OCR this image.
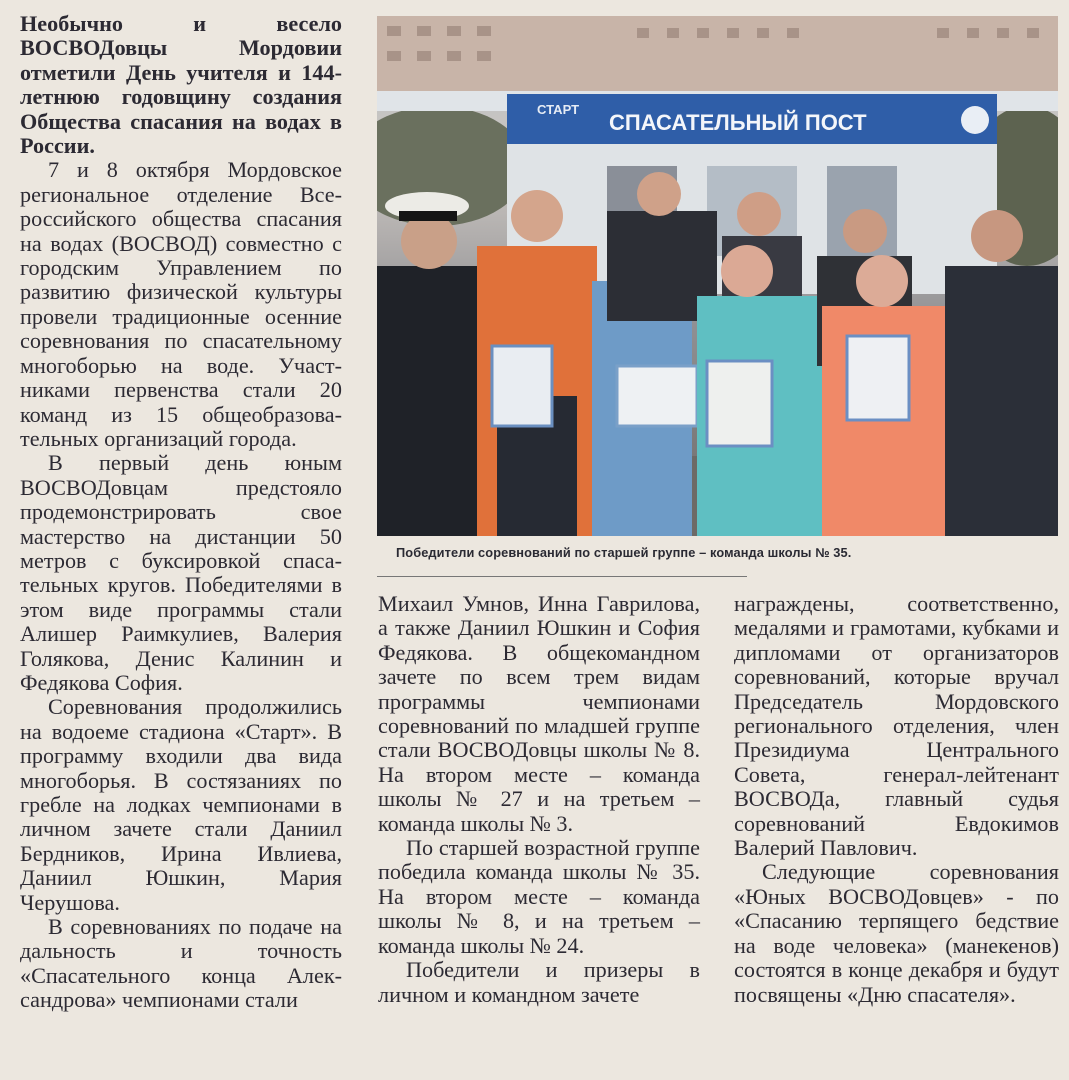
Необычно и весело ВОСВОДовцы Мордовии отметили День учителя и 144-летнюю годовщину создания Общества спасания на водах в России.

7 и 8 октября Мордовское региональное отделение Всероссийского общества спасания на водах (ВОСВОД) совместно с городским Управлением по развитию физической культуры провели традиционные осенние соревнования по спасательному многоборью на воде. Участниками первенства стали 20 команд из 15 общеобразовательных организаций города.

В первый день юным ВОСВОДовцам предстояло продемонстрировать свое мастерство на дистанции 50 метров с буксировкой спасательных кругов. Победителями в этом виде программы стали Алишер Раимкулиев, Валерия Голякова, Денис Калинин и Федякова София.

Соревнования продолжились на водоеме стадиона «Старт». В программу входили два вида многоборья. В состязаниях по гребле на лодках чемпионами в личном зачете стали Даниил Бердников, Ирина Ивлиева, Даниил Юшкин, Мария Черушова.

В соревнованиях по подаче на дальность и точность «Спасательного конца Александрова» чемпионами стали

СТАРТ
СПАСАТЕЛЬНЫЙ ПОСТ
Победители соревнований по старшей группе – команда школы № 35.

Михаил Умнов, Инна Гаврилова, а также Даниил Юшкин и София Федякова. В общекомандном зачете по всем трем видам программы чемпионами соревнований по младшей группе стали ВОСВОДовцы школы № 8. На втором месте – команда школы № 27 и на третьем – команда школы № 3.

По старшей возрастной группе победила команда школы № 35. На втором месте – команда школы № 8, и на третьем – команда школы № 24.

Победители и призеры в личном и командном зачете

награждены, соответственно, медалями и грамотами, кубками и дипломами от организаторов соревнований, которые вручал Председатель Мордовского регионального отделения, член Президиума Центрального Совета, генерал-лейтенант ВОСВОДа, главный судья соревнований Евдокимов Валерий Павлович.

Следующие соревнования «Юных ВОСВОДовцев» - по «Спасанию терпящего бедствие на воде человека» (манекенов) состоятся в конце декабря и будут посвящены «Дню спасателя».
